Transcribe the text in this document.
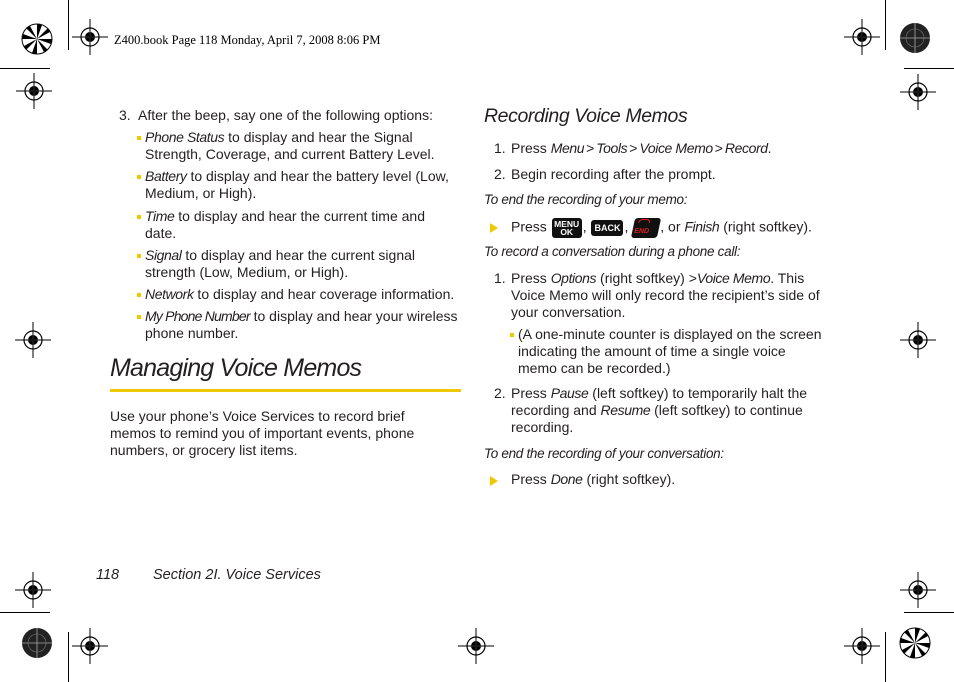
Z400.book Page 118 Monday, April 7, 2008 8:06 PM
3. After the beep, say one of the following options:
Phone Status to display and hear the Signal
Strength, Coverage, and current Battery Level.
Battery to display and hear the battery level (Low,
Medium, or High).
Time to display and hear the current time and
date.
Signal to display and hear the current signal
strength (Low, Medium, or High).
Network to display and hear coverage information.
My Phone Number to display and hear your wireless
phone number.
Managing Voice Memos
Use your phone’s Voice Services to record brief
memos to remind you of important events, phone
numbers, or grocery list items.
Recording Voice Memos
1. Press Menu > Tools > Voice Memo > Record.
2. Begin recording after the prompt.
To end the recording of your memo:
Press MENU
OK , BACK , END , or Finish (right softkey).
To record a conversation during a phone call:
1. Press Options (right softkey) >Voice Memo. This
Voice Memo will only record the recipient’s side of
your conversation.
(A one-minute counter is displayed on the screen
indicating the amount of time a single voice
memo can be recorded.)
2. Press Pause (left softkey) to temporarily halt the
recording and Resume (left softkey) to continue
recording.
To end the recording of your conversation:
Press Done (right softkey).
118 Section 2I. Voice Services
